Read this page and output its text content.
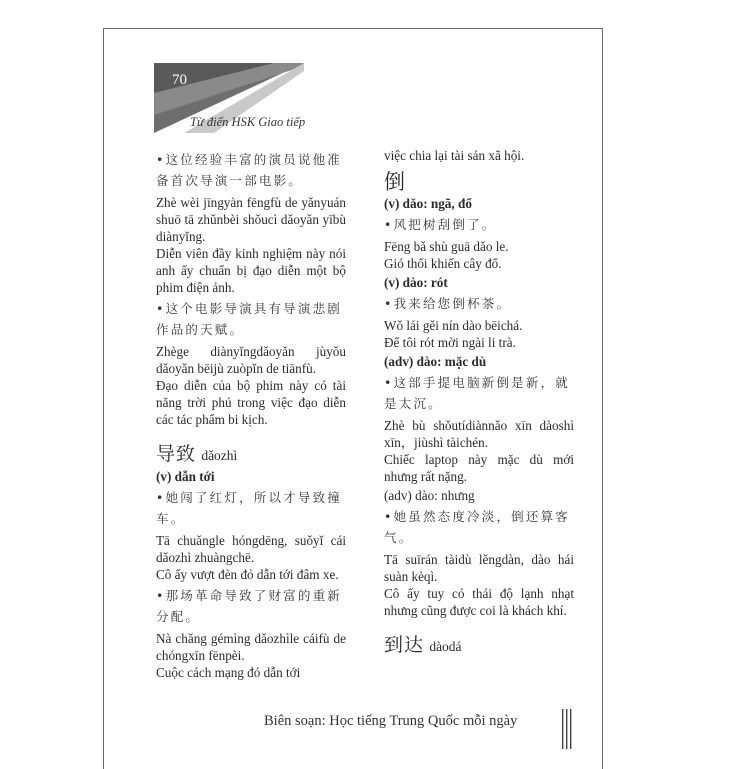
70
Từ điển HSK Giao tiếp
•这位经验丰富的演员说他准备首次导演一部电影。
Zhè wèi jīngyàn fēngfù de yǎnyuán shuō tā zhǔnbèi shǒucì dǎoyǎn yībù diànyǐng.
Diễn viên đầy kinh nghiệm này nói anh ấy chuẩn bị đạo diễn một bộ phim điện ảnh.
•这个电影导演具有导演悲剧作品的天赋。
Zhège diànyǐngdǎoyǎn jùyǒu dǎoyǎn bēijù zuòpǐn de tiānfù.
Đạo diễn của bộ phim này có tài năng trời phú trong việc đạo diễn các tác phẩm bi kịch.
导致 dǎozhì
(v) dẫn tới
•她闯了红灯，所以才导致撞车。
Tā chuǎngle hóngdēng, suǒyǐ cái dǎozhì zhuàngchē.
Cô ấy vượt đèn đỏ dẫn tới đâm xe.
•那场革命导致了财富的重新分配。
Nà chǎng gémìng dǎozhìle cáifù de chóngxīn fēnpèi.
Cuộc cách mạng đó dẫn tới
việc chia lại tài sản xã hội.
倒
(v) dǎo: ngã, đổ
•风把树刮倒了。
Fēng bǎ shù guā dǎo le.
Gió thổi khiến cây đổ.
(v) dào: rót
•我来给您倒杯茶。
Wǒ lái gěi nín dào bēichá.
Để tôi rót mời ngài li trà.
(adv) dào: mặc dù
•这部手提电脑新倒是新，就是太沉。
Zhè bù shǒutídiànnǎo xīn dàoshì xīn，jiùshì tàichén.
Chiếc laptop này mặc dù mới nhưng rất nặng.
(adv) dào: nhưng
•她虽然态度冷淡，倒还算客气。
Tā suīrán tàidù lěngdàn, dào hái suàn kèqì.
Cô ấy tuy có thái độ lạnh nhạt nhưng cũng được coi là khách khí.
到达 dàodá
Biên soạn: Học tiếng Trung Quốc mỗi ngày
